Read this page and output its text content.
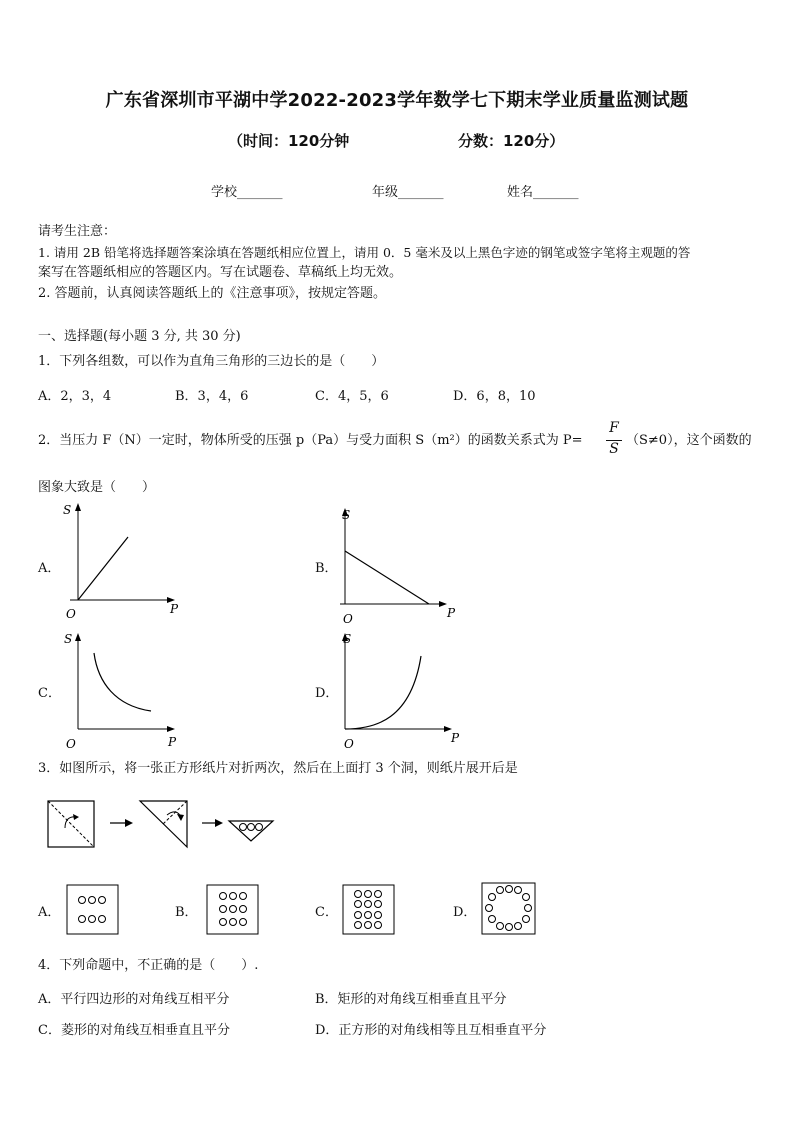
广东省深圳市平湖中学2022-2023学年数学七下期末学业质量监测试题
（时间：120分钟	分数：120分）
学校_______	年级_______	姓名_______
请考生注意：
1. 请用 2B 铅笔将选择题答案涂填在答题纸相应位置上，请用 0．5 毫米及以上黑色字迹的钢笔或签字笔将主观题的答
案写在答题纸相应的答题区内。写在试题卷、草稿纸上均无效。
2. 答题前，认真阅读答题纸上的《注意事项》，按规定答题。
一、选择题(每小题 3 分, 共 30 分)
1．下列各组数，可以作为直角三角形的三边长的是（　　）
A．2，3，4	B．3，4，6	C．4，5，6	D．6，8，10
2．当压力 F（N）一定时，物体所受的压强 p（Pa）与受力面积 S（m²）的函数关系式为 P=
F
S
（S≠0），这个函数的
图象大致是（　　）
A．	B．
C．	D．
S
P
O
S
P
O
S
P
O
S
P
O
3．如图所示，将一张正方形纸片对折两次，然后在上面打 3 个洞，则纸片展开后是
A．	B．	C．	D．
4．下列命题中，不正确的是（　　）.
A．平行四边形的对角线互相平分	B．矩形的对角线互相垂直且平分
C．菱形的对角线互相垂直且平分	D．正方形的对角线相等且互相垂直平分
